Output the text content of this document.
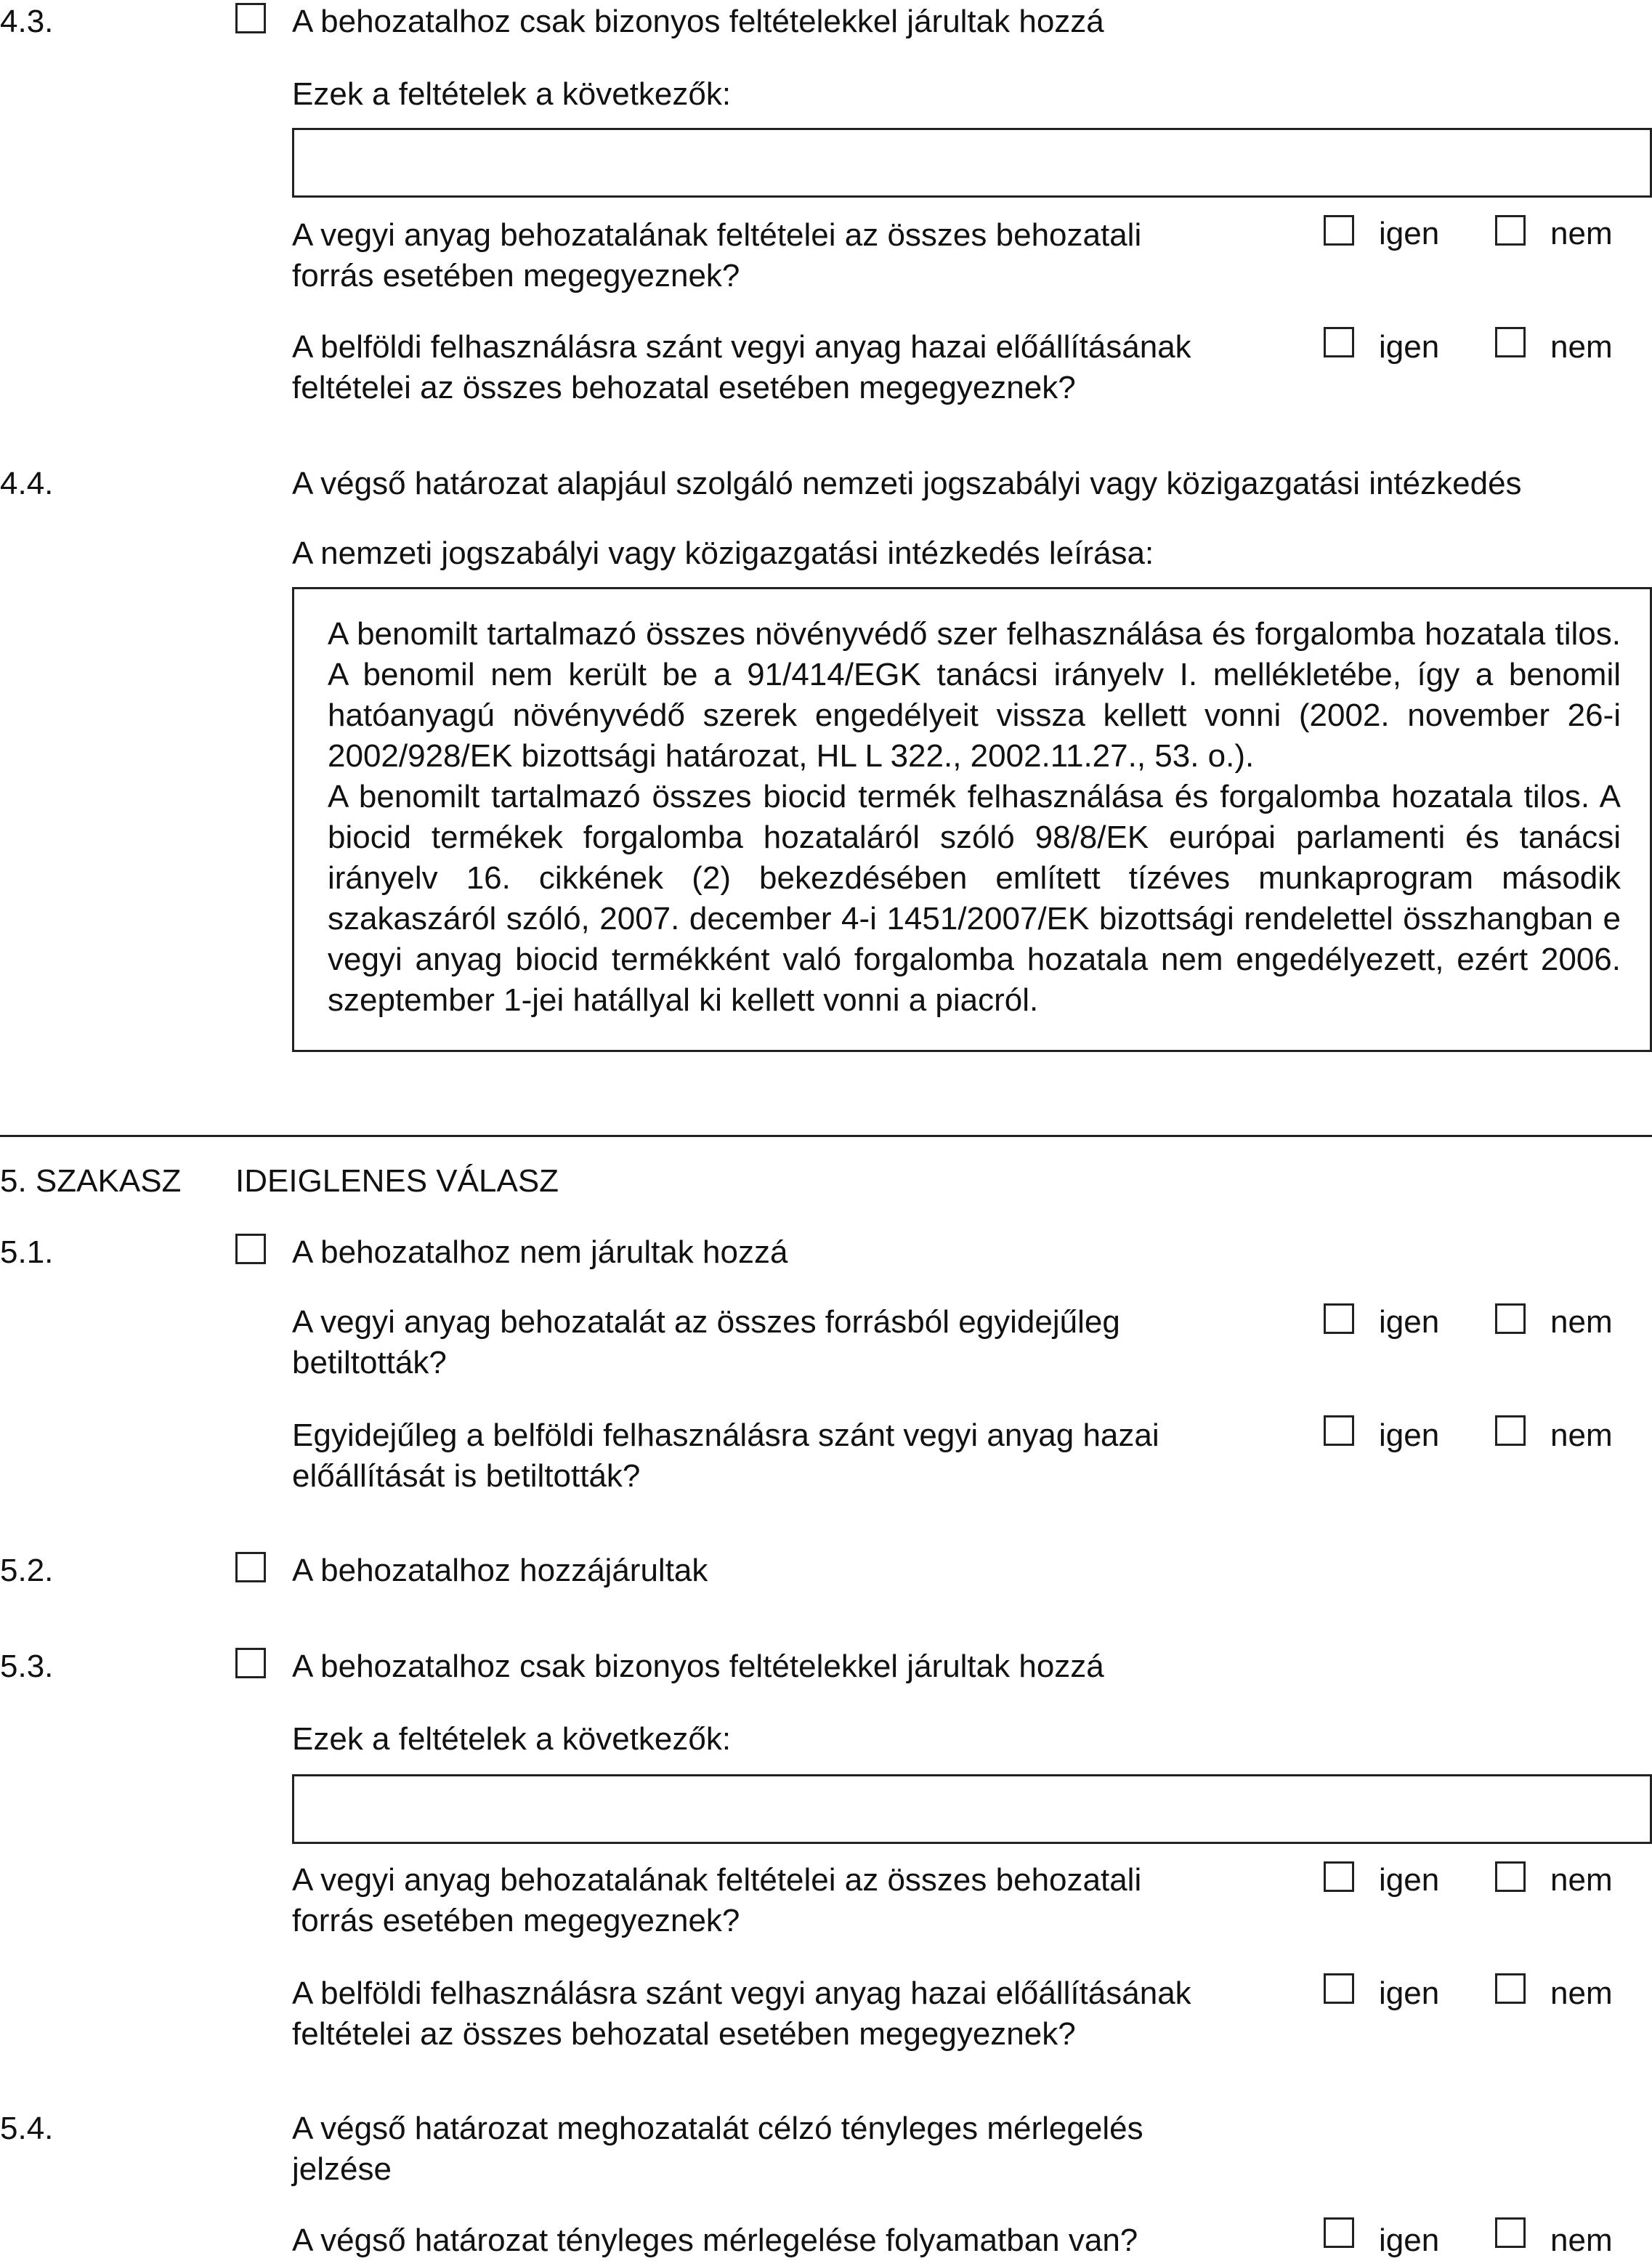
4.3.	A behozatalhoz csak bizonyos feltételekkel járultak hozzá
Ezek a feltételek a következők:
A vegyi anyag behozatalának feltételei az összes behozatali
forrás esetében megegyeznek?
igen	nem
A belföldi felhasználásra szánt vegyi anyag hazai előállításának
feltételei az összes behozatal esetében megegyeznek?
igen	nem
4.4.	A végső határozat alapjául szolgáló nemzeti jogszabályi vagy közigazgatási intézkedés
A nemzeti jogszabályi vagy közigazgatási intézkedés leírása:

A benomilt tartalmazó összes növényvédő szer felhasználása és forgalomba hozatala tilos. A benomil nem került be a 91/414/EGK tanácsi irányelv I. mellékletébe, így a benomil hatóanyagú növényvédő szerek engedélyeit vissza kellett vonni (2002. november 26-i 2002/928/EK bizottsági határozat, HL L 322., 2002.11.27., 53. o.).

A benomilt tartalmazó összes biocid termék felhasználása és forgalomba hozatala tilos. A biocid termékek forgalomba hozataláról szóló 98/8/EK európai parlamenti és tanácsi irányelv 16. cikkének (2) bekezdésében említett tízéves munkaprogram második szakaszáról szóló, 2007. december 4-i 1451/2007/EK bizottsági rendelettel összhangban e vegyi anyag biocid termékként való forgalomba hozatala nem engedélyezett, ezért 2006. szeptember 1-jei hatállyal ki kellett vonni a piacról.

5. SZAKASZ IDEIGLENES VÁLASZ
5.1.	A behozatalhoz nem járultak hozzá
A vegyi anyag behozatalát az összes forrásból egyidejűleg
betiltották?
igen	nem
Egyidejűleg a belföldi felhasználásra szánt vegyi anyag hazai
előállítását is betiltották?
igen	nem
5.2.	A behozatalhoz hozzájárultak
5.3.	A behozatalhoz csak bizonyos feltételekkel járultak hozzá
Ezek a feltételek a következők:
A vegyi anyag behozatalának feltételei az összes behozatali
forrás esetében megegyeznek?
igen	nem
A belföldi felhasználásra szánt vegyi anyag hazai előállításának
feltételei az összes behozatal esetében megegyeznek?
igen	nem
5.4.	A végső határozat meghozatalát célzó tényleges mérlegelés
jelzése
A végső határozat tényleges mérlegelése folyamatban van?	igen	nem
